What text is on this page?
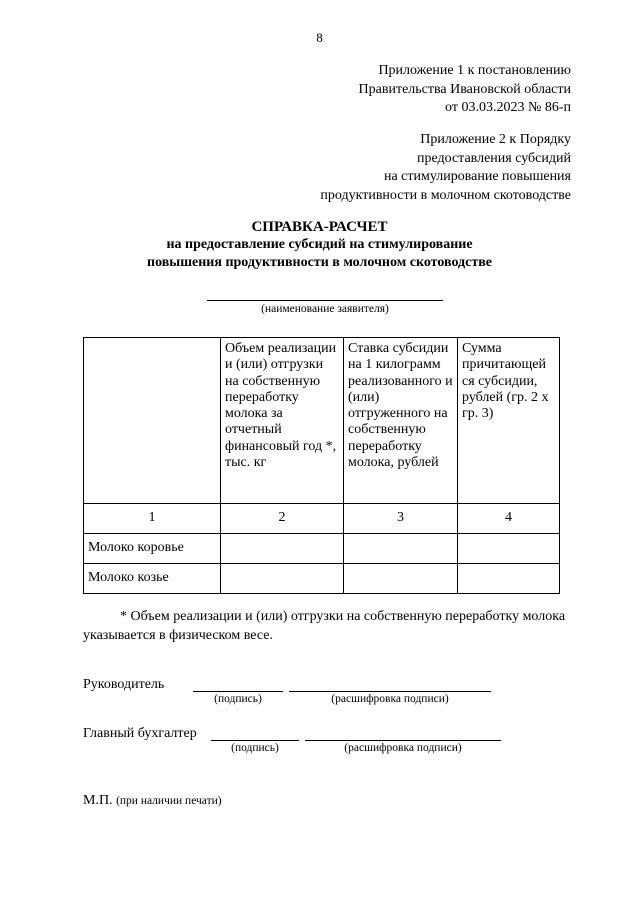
8
Приложение 1 к постановлению
Правительства Ивановской области
от 03.03.2023 № 86-п
Приложение 2 к Порядку
предоставления субсидий
на стимулирование повышения
продуктивности в молочном скотоводстве
СПРАВКА-РАСЧЕТ
на предоставление субсидий на стимулирование
повышения продуктивности в молочном скотоводстве
(наименование заявителя)
	Объем реализации и (или) отгрузки на собственную переработку молока за отчетный финансовый год *, тыс. кг	Ставка субсидии на 1 килограмм реализованного и (или) отгруженного на собственную переработку молока, рублей	Сумма причитающей ся субсидии, рублей (гр. 2 х гр. 3)
1	2	3	4
Молоко коровье			
Молоко козье			
* Объем реализации и (или) отгрузки на собственную переработку молока указывается в физическом весе.
Руководитель
(подпись)	(расшифровка подписи)
Главный бухгалтер
(подпись)	(расшифровка подписи)
М.П. (при наличии печати)
